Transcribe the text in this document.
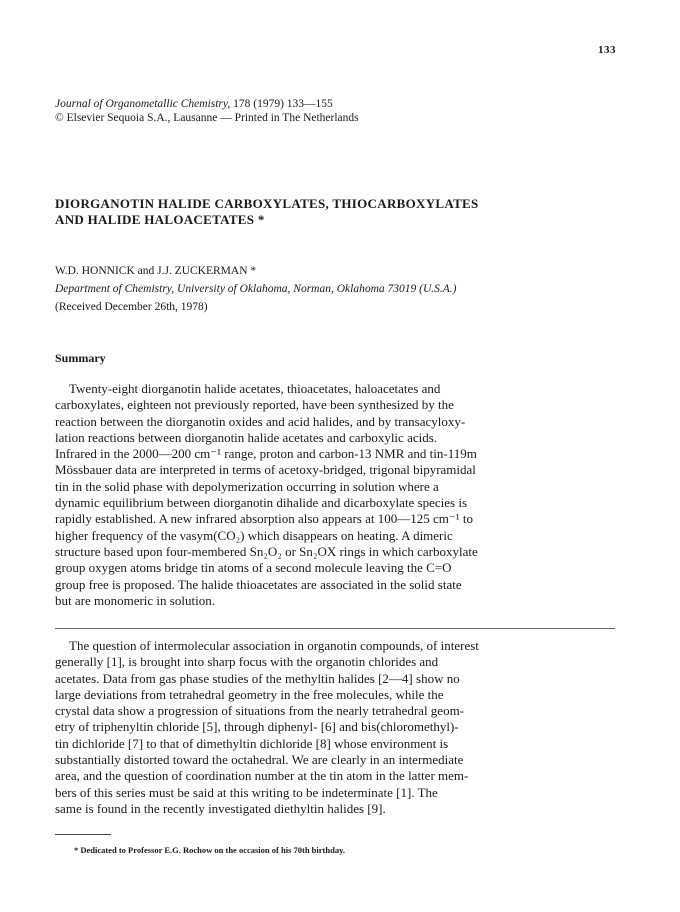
133
Journal of Organometallic Chemistry, 178 (1979) 133—155
© Elsevier Sequoia S.A., Lausanne — Printed in The Netherlands
DIORGANOTIN HALIDE CARBOXYLATES, THIOCARBOXYLATES
AND HALIDE HALOACETATES *
W.D. HONNICK and J.J. ZUCKERMAN *
Department of Chemistry, University of Oklahoma, Norman, Oklahoma 73019 (U.S.A.)
(Received December 26th, 1978)
Summary
Twenty-eight diorganotin halide acetates, thioacetates, haloacetates and
carboxylates, eighteen not previously reported, have been synthesized by the
reaction between the diorganotin oxides and acid halides, and by transacyloxy-
lation reactions between diorganotin halide acetates and carboxylic acids.
Infrared in the 2000—200 cm⁻¹ range, proton and carbon-13 NMR and tin-119m
Mössbauer data are interpreted in terms of acetoxy-bridged, trigonal bipyramidal
tin in the solid phase with depolymerization occurring in solution where a
dynamic equilibrium between diorganotin dihalide and dicarboxylate species is
rapidly established. A new infrared absorption also appears at 100—125 cm⁻¹ to
higher frequency of the νasym(CO₂) which disappears on heating. A dimeric
structure based upon four-membered Sn₂O₂ or Sn₂OX rings in which carboxylate
group oxygen atoms bridge tin atoms of a second molecule leaving the C=O
group free is proposed. The halide thioacetates are associated in the solid state
but are monomeric in solution.
The question of intermolecular association in organotin compounds, of interest
generally [1], is brought into sharp focus with the organotin chlorides and
acetates. Data from gas phase studies of the methyltin halides [2—4] show no
large deviations from tetrahedral geometry in the free molecules, while the
crystal data show a progression of situations from the nearly tetrahedral geom-
etry of triphenyltin chloride [5], through diphenyl- [6] and bis(chloromethyl)-
tin dichloride [7] to that of dimethyltin dichloride [8] whose environment is
substantially distorted toward the octahedral. We are clearly in an intermediate
area, and the question of coordination number at the tin atom in the latter mem-
bers of this series must be said at this writing to be indeterminate [1]. The
same is found in the recently investigated diethyltin halides [9].
* Dedicated to Professor E.G. Rochow on the occasion of his 70th birthday.
